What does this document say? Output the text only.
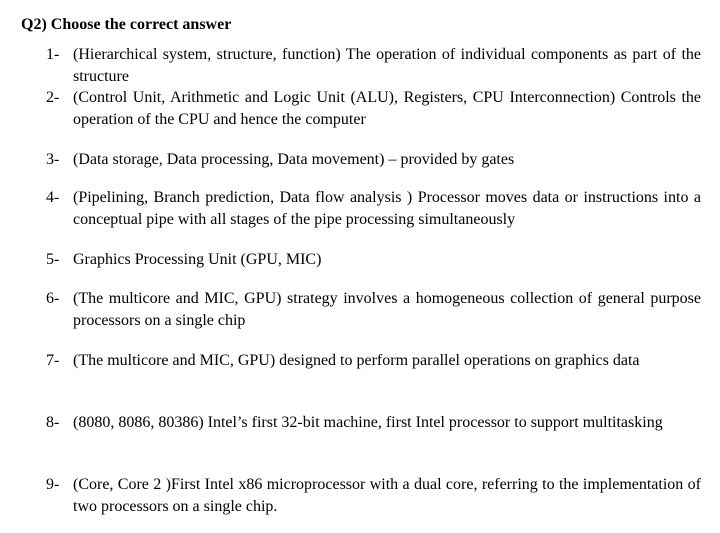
Q2) Choose the correct answer
1- (Hierarchical system, structure, function) The operation of individual components as part of the structure
2- (Control Unit, Arithmetic and Logic Unit (ALU), Registers, CPU Interconnection) Controls the operation of the CPU and hence the computer
3- (Data storage, Data processing, Data movement) – provided by gates
4- (Pipelining, Branch prediction, Data flow analysis ) Processor moves data or instructions into a conceptual pipe with all stages of the pipe processing simultaneously
5- Graphics Processing Unit (GPU, MIC)
6- (The multicore and MIC, GPU) strategy involves a homogeneous collection of general purpose processors on a single chip
7- (The multicore and MIC, GPU) designed to perform parallel operations on graphics data
8- (8080, 8086, 80386) Intel’s first 32-bit machine, first Intel processor to support multitasking
9- (Core, Core 2 )First Intel x86 microprocessor with a dual core, referring to the implementation of two processors on a single chip.
